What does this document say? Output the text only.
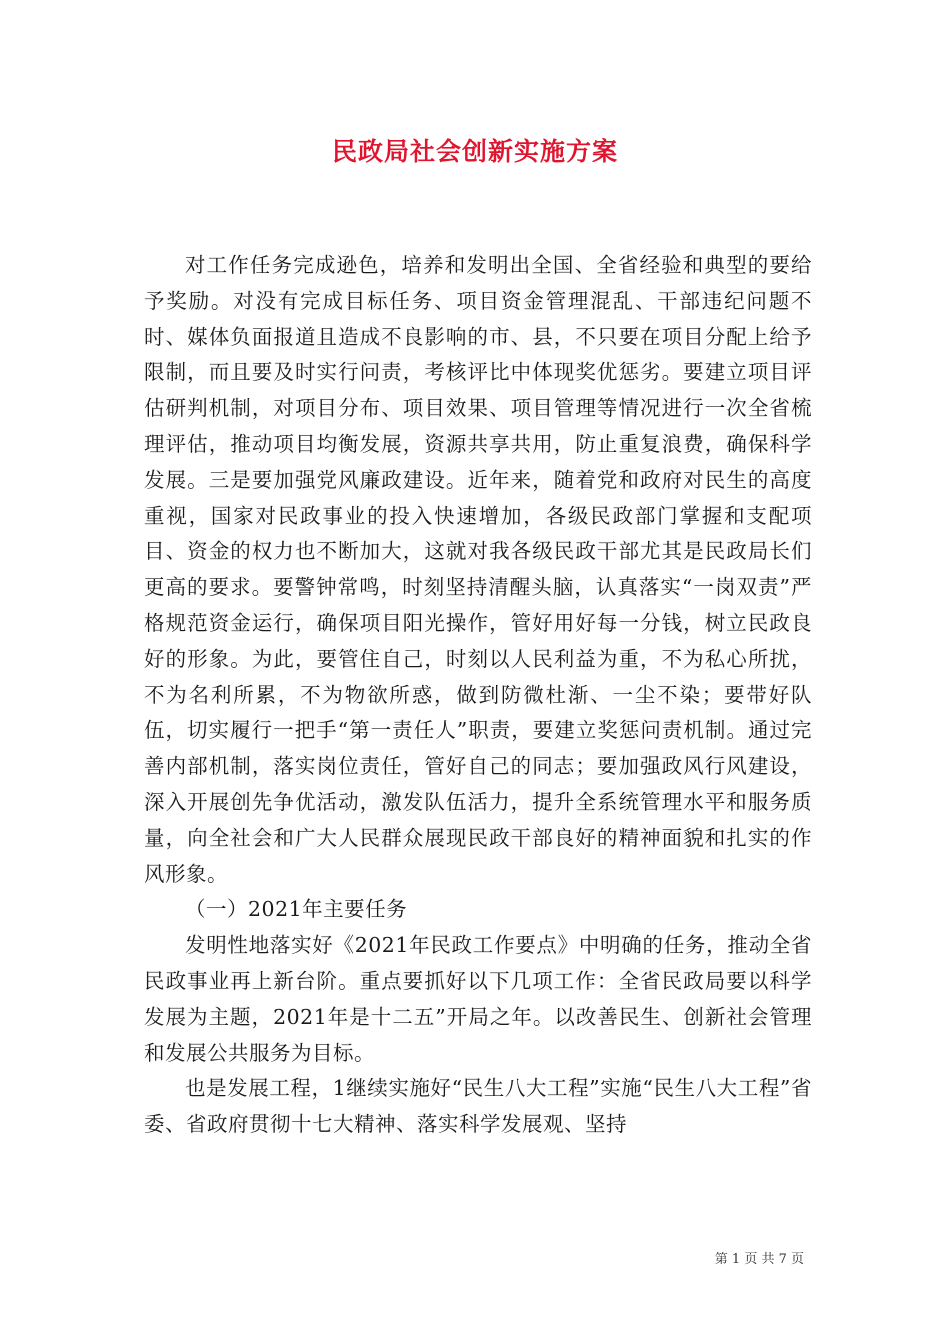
民政局社会创新实施方案

对工作任务完成逊色，培养和发明出全国、全省经验和典型的要给予奖励。对没有完成目标任务、项目资金管理混乱、干部违纪问题不时、媒体负面报道且造成不良影响的市、县，不只要在项目分配上给予限制，而且要及时实行问责，考核评比中体现奖优惩劣。要建立项目评估研判机制，对项目分布、项目效果、项目管理等情况进行一次全省梳理评估，推动项目均衡发展，资源共享共用，防止重复浪费，确保科学发展。三是要加强党风廉政建设。近年来，随着党和政府对民生的高度重视，国家对民政事业的投入快速增加，各级民政部门掌握和支配项目、资金的权力也不断加大，这就对我各级民政干部尤其是民政局长们更高的要求。要警钟常鸣，时刻坚持清醒头脑，认真落实“一岗双责”严格规范资金运行，确保项目阳光操作，管好用好每一分钱，树立民政良好的形象。为此，要管住自己，时刻以人民利益为重，不为私心所扰，不为名利所累，不为物欲所惑，做到防微杜渐、一尘不染；要带好队伍，切实履行一把手“第一责任人”职责，要建立奖惩问责机制。通过完善内部机制，落实岗位责任，管好自己的同志；要加强政风行风建设，深入开展创先争优活动，激发队伍活力，提升全系统管理水平和服务质量，向全社会和广大人民群众展现民政干部良好的精神面貌和扎实的作风形象。

（一）2021年主要任务

发明性地落实好《2021年民政工作要点》中明确的任务，推动全省民政事业再上新台阶。重点要抓好以下几项工作：全省民政局要以科学发展为主题，2021年是十二五”开局之年。以改善民生、创新社会管理和发展公共服务为目标。

也是发展工程，1继续实施好“民生八大工程”实施“民生八大工程”省委、省政府贯彻十七大精神、落实科学发展观、坚持

第 1 页 共 7 页
